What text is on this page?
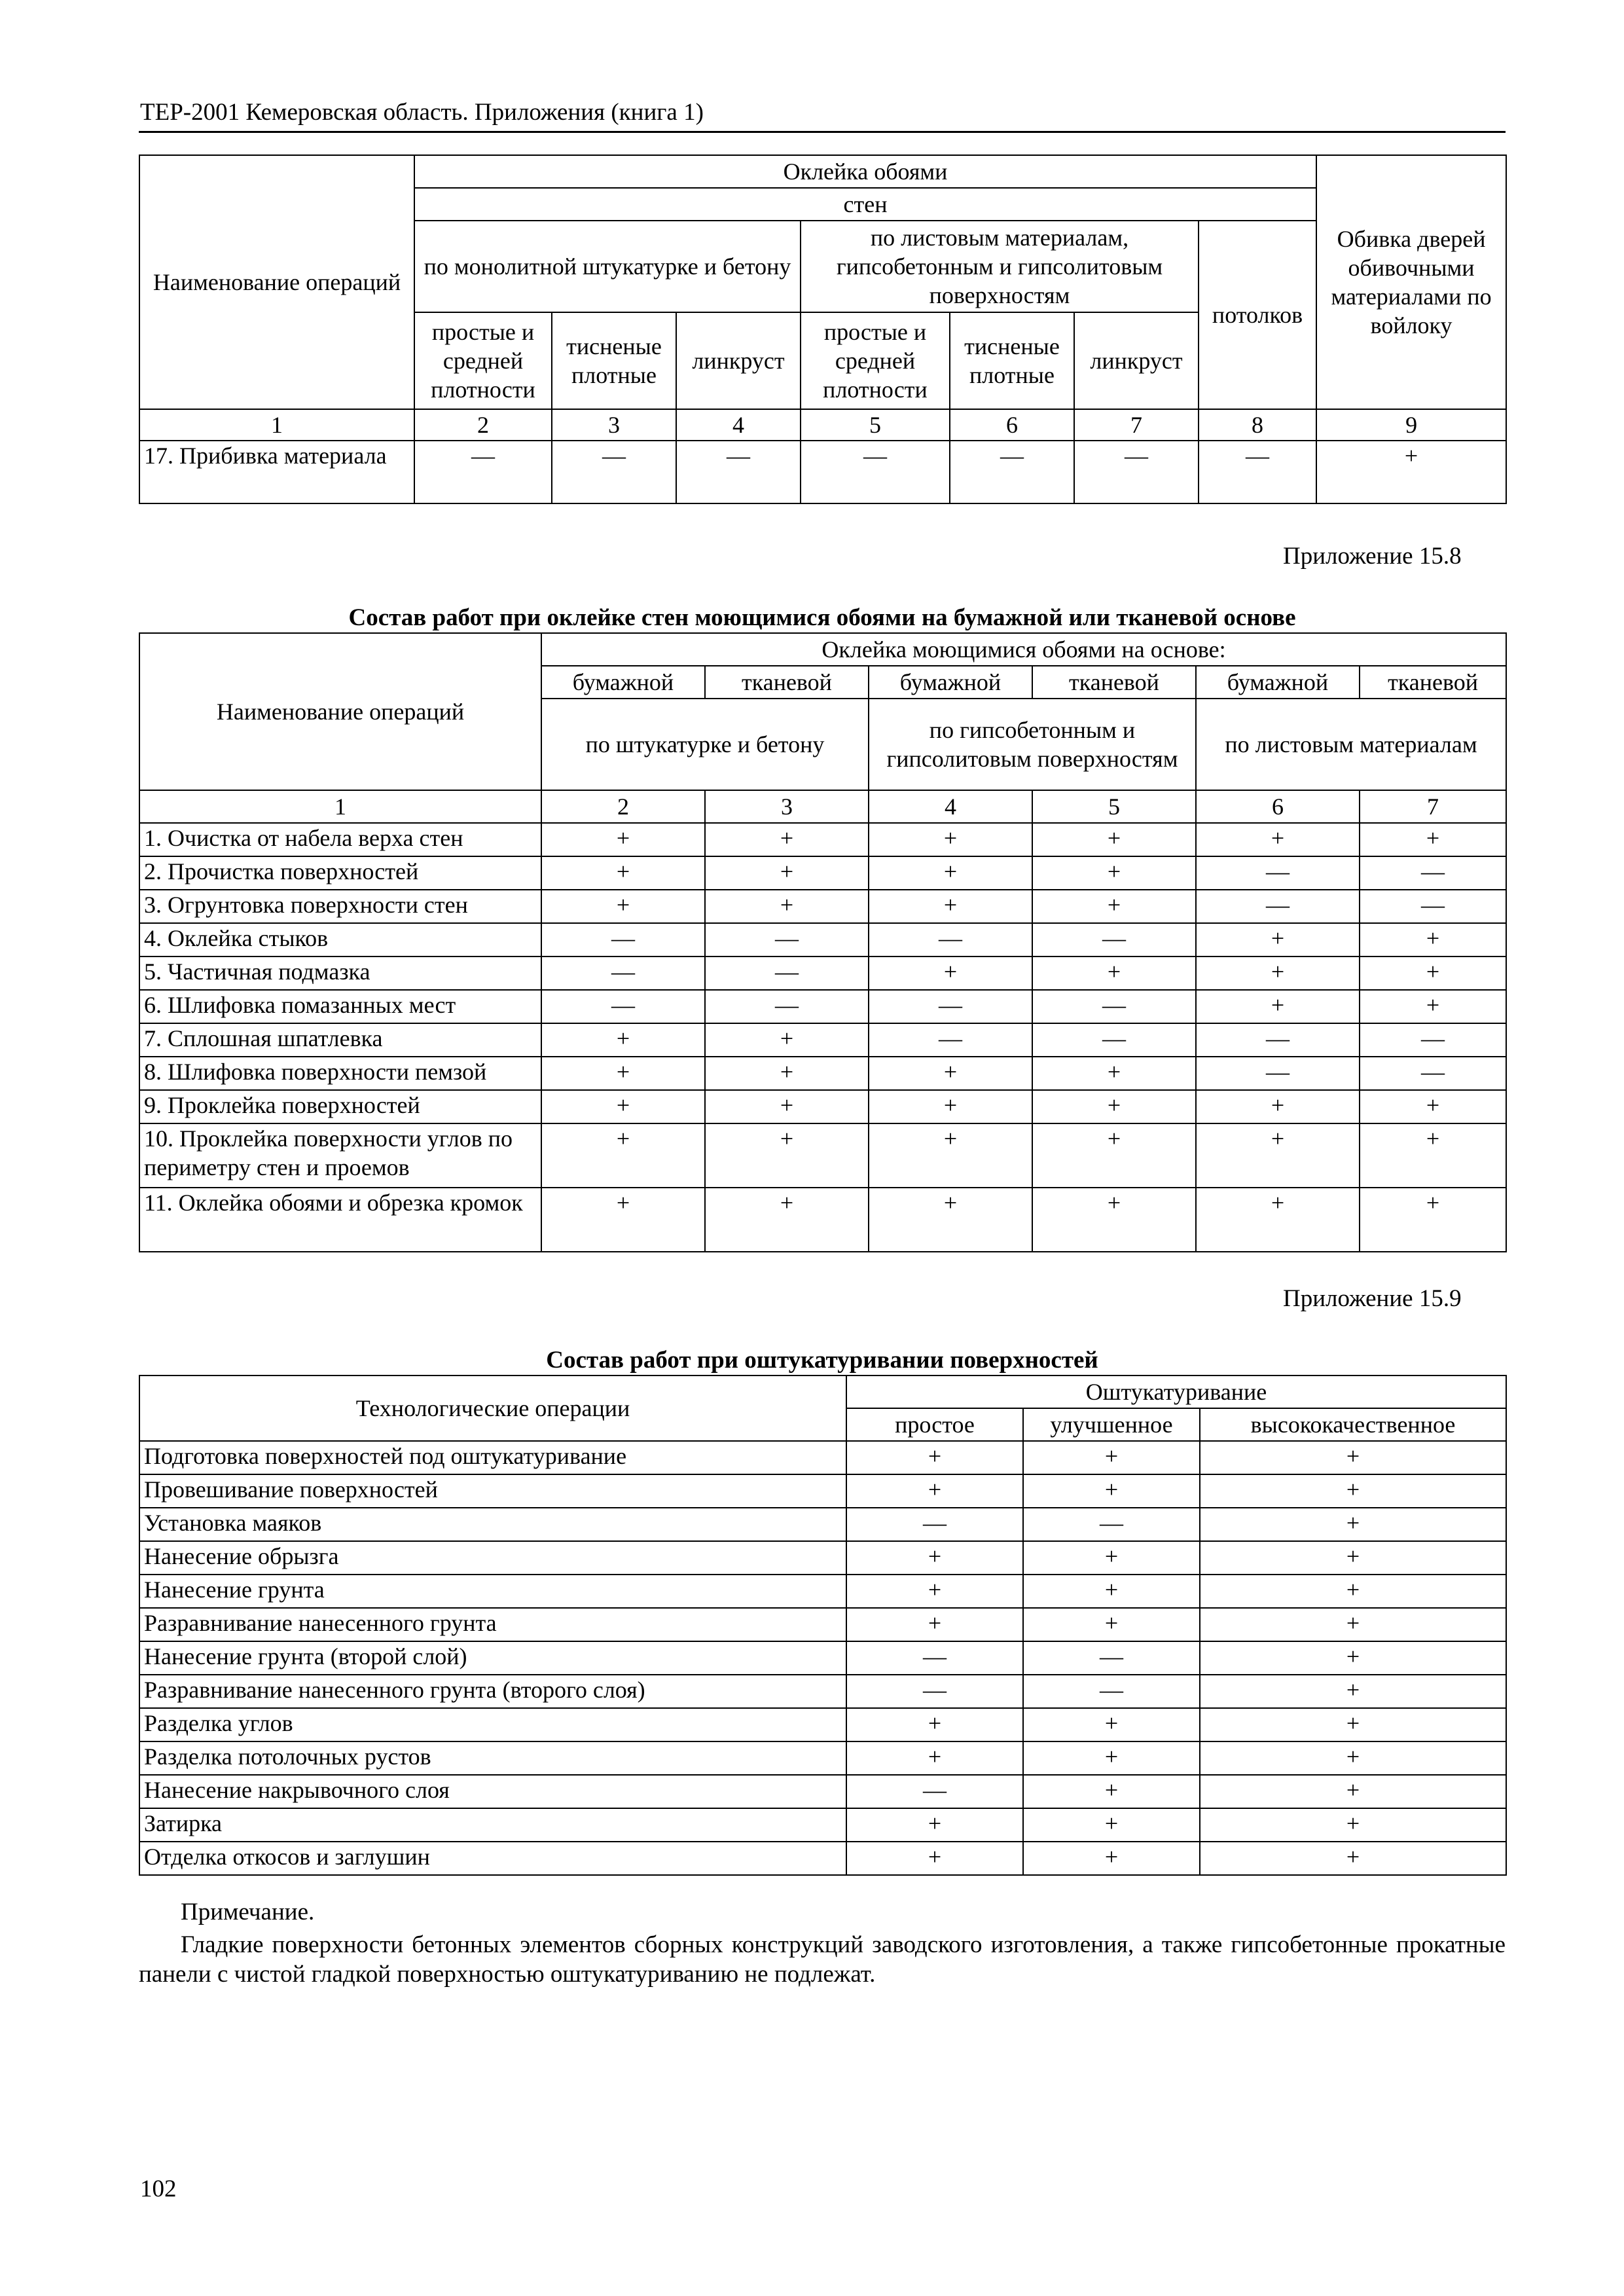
ТЕР-2001 Кемеровская область. Приложения (книга 1)
Наименование операций	Оклейка обоями							Обивка дверей обивочными материалами по войлоку
	стен							
	по монолитной штукатурке и бетону			по листовым материалам, гипсобетонным и гипсолитовым поверхностям			потолков	
	простые и средней плотности	тисненые плотные	линкруст	простые и средней плотности	тисненые плотные	линкруст		
1	2	3	4	5	6	7	8	9
17. Прибивка материала	—	—	—	—	—	—	—	+
Приложение 15.8
Состав работ при оклейке стен моющимися обоями на бумажной или тканевой основе
Наименование операций	Оклейка моющимися обоями на основе:					
	бумажной	тканевой	бумажной	тканевой	бумажной	тканевой
	по штукатурке и бетону		по гипсобетонным и гипсолитовым поверхностям		по листовым материалам	
1	2	3	4	5	6	7
1. Очистка от набела верха стен	+	+	+	+	+	+
2. Прочистка поверхностей	+	+	+	+	—	—
3. Огрунтовка поверхности стен	+	+	+	+	—	—
4. Оклейка стыков	—	—	—	—	+	+
5. Частичная подмазка	—	—	+	+	+	+
6. Шлифовка помазанных мест	—	—	—	—	+	+
7. Сплошная шпатлевка	+	+	—	—	—	—
8. Шлифовка поверхности пемзой	+	+	+	+	—	—
9. Проклейка поверхностей	+	+	+	+	+	+
10. Проклейка поверхности углов по периметру стен и проемов	+	+	+	+	+	+
11. Оклейка обоями и обрезка кромок	+	+	+	+	+	+
Приложение 15.9
Состав работ при оштукатуривании поверхностей
Технологические операции	Оштукатуривание		
	простое	улучшенное	высококачественное
Подготовка поверхностей под оштукатуривание	+	+	+
Провешивание поверхностей	+	+	+
Установка маяков	—	—	+
Нанесение обрызга	+	+	+
Нанесение грунта	+	+	+
Разравнивание нанесенного грунта	+	+	+
Нанесение грунта (второй слой)	—	—	+
Разравнивание нанесенного грунта (второго слоя)	—	—	+
Разделка углов	+	+	+
Разделка потолочных рустов	+	+	+
Нанесение накрывочного слоя	—	+	+
Затирка	+	+	+
Отделка откосов и заглушин	+	+	+
Примечание.
Гладкие поверхности бетонных элементов сборных конструкций заводского изготовления, а также гипсобетонные прокатные панели с чистой гладкой поверхностью оштукатуриванию не подлежат.
102
